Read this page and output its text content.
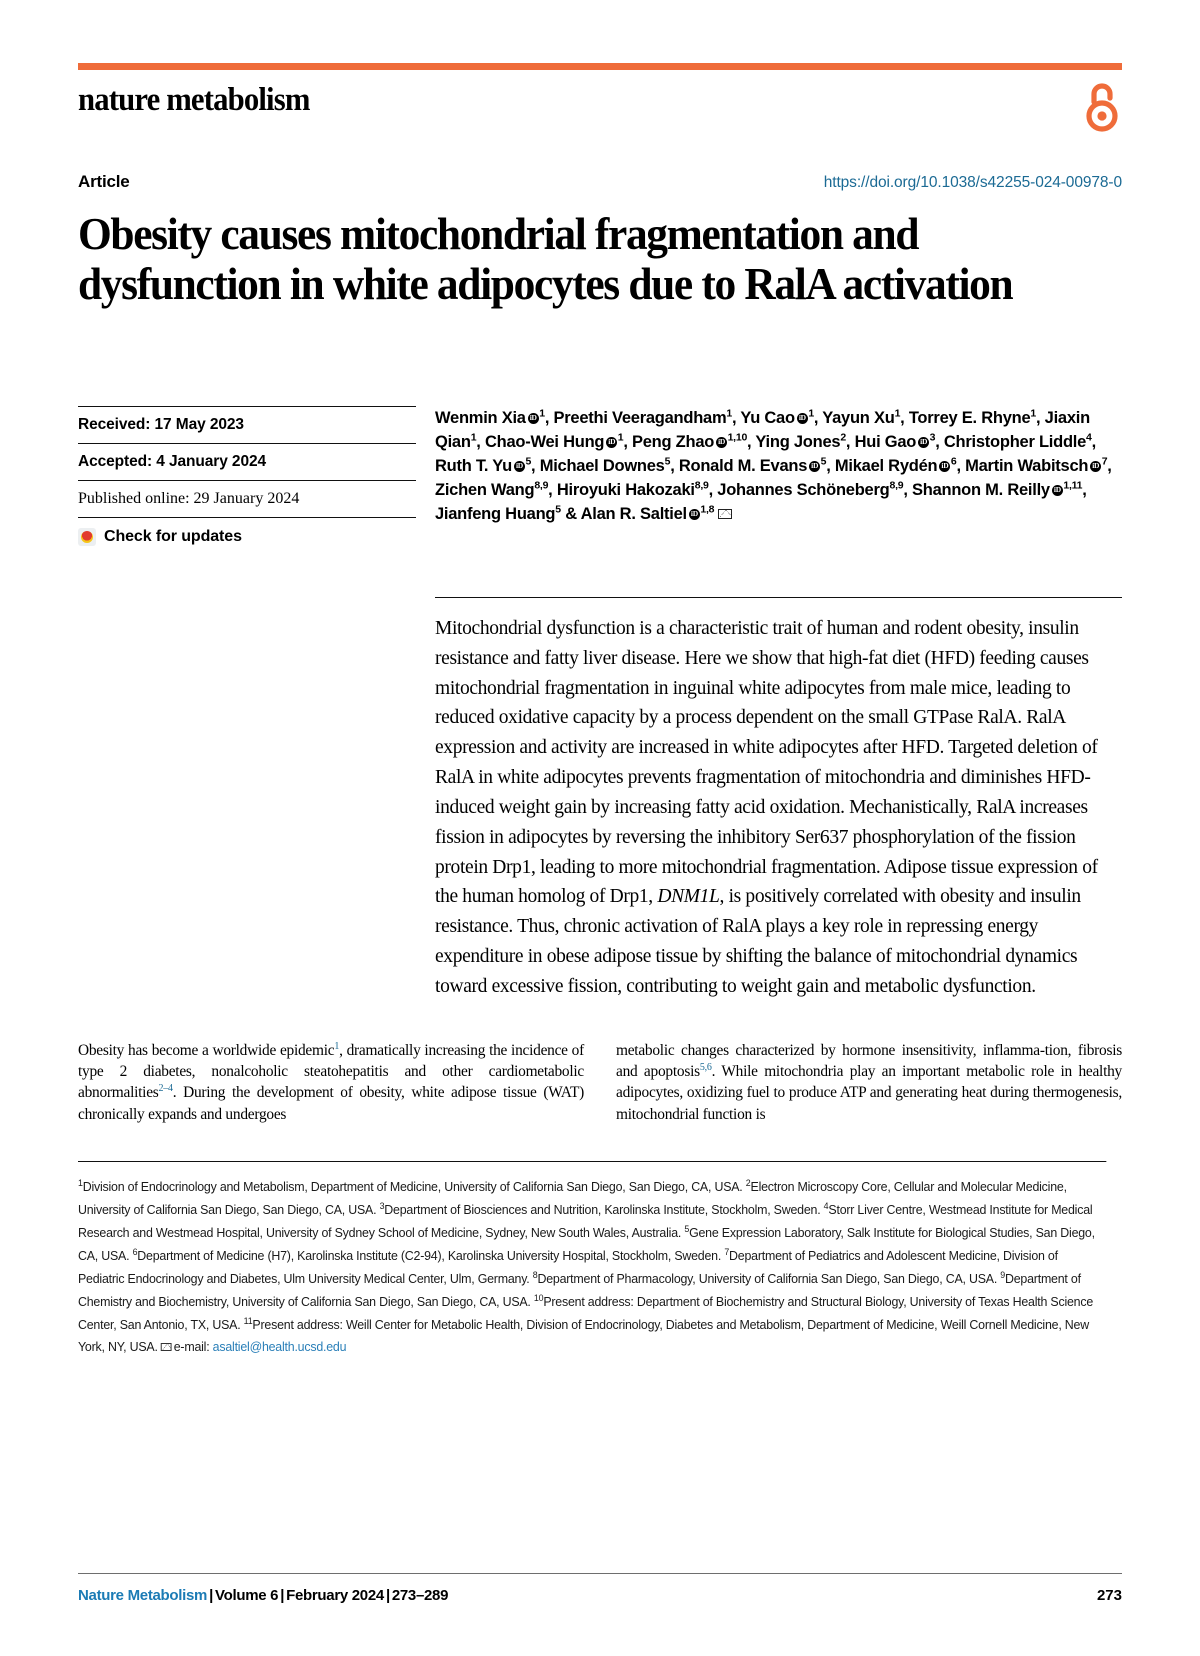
nature metabolism
Article	https://doi.org/10.1038/s42255-024-00978-0
Obesity causes mitochondrial fragmentation and dysfunction in white adipocytes due to RalA activation
Received: 17 May 2023
Accepted: 4 January 2024
Published online: 29 January 2024
Check for updates
Wenmin Xia iD $^1$, Preethi Veeragandham$^1$, Yu Cao iD $^1$, Yayun Xu$^1$, Torrey E. Rhyne$^1$, Jiaxin Qian$^1$, Chao-Wei Hung iD $^1$, Peng Zhao iD $^{1,10}$, Ying Jones$^2$, Hui Gao iD $^3$, Christopher Liddle$^4$, Ruth T. Yu iD $^5$, Michael Downes$^5$, Ronald M. Evans iD $^5$, Mikael Rydén iD $^6$, Martin Wabitsch iD $^7$, Zichen Wang$^{8,9}$, Hiroyuki Hakozaki$^{8,9}$, Johannes Schöneberg$^{8,9}$, Shannon M. Reilly iD $^{1,11}$, Jianfeng Huang$^5$ & Alan R. Saltiel iD $^{1,8}$
Mitochondrial dysfunction is a characteristic trait of human and rodent obesity, insulin resistance and fatty liver disease. Here we show that high-fat diet (HFD) feeding causes mitochondrial fragmentation in inguinal white adipocytes from male mice, leading to reduced oxidative capacity by a process dependent on the small GTPase RalA. RalA expression and activity are increased in white adipocytes after HFD. Targeted deletion of RalA in white adipocytes prevents fragmentation of mitochondria and diminishes HFD-induced weight gain by increasing fatty acid oxidation. Mechanistically, RalA increases fission in adipocytes by reversing the inhibitory Ser637 phosphorylation of the fission protein Drp1, leading to more mitochondrial fragmentation. Adipose tissue expression of the human homolog of Drp1, DNM1L, is positively correlated with obesity and insulin resistance. Thus, chronic activation of RalA plays a key role in repressing energy expenditure in obese adipose tissue by shifting the balance of mitochondrial dynamics toward excessive fission, contributing to weight gain and metabolic dysfunction.
Obesity has become a worldwide epidemic$^1$, dramatically increasing the incidence of type 2 diabetes, nonalcoholic steatohepatitis and other cardiometabolic abnormalities$^{2-4}$. During the development of obesity, white adipose tissue (WAT) chronically expands and undergoes
metabolic changes characterized by hormone insensitivity, inflamma-tion, fibrosis and apoptosis$^{5,6}$. While mitochondria play an important metabolic role in healthy adipocytes, oxidizing fuel to produce ATP and generating heat during thermogenesis, mitochondrial function is
$^1$Division of Endocrinology and Metabolism, Department of Medicine, University of California San Diego, San Diego, CA, USA. $^2$Electron Microscopy Core, Cellular and Molecular Medicine, University of California San Diego, San Diego, CA, USA. $^3$Department of Biosciences and Nutrition, Karolinska Institute, Stockholm, Sweden. $^4$Storr Liver Centre, Westmead Institute for Medical Research and Westmead Hospital, University of Sydney School of Medicine, Sydney, New South Wales, Australia. $^5$Gene Expression Laboratory, Salk Institute for Biological Studies, San Diego, CA, USA. $^6$Department of Medicine (H7), Karolinska Institute (C2-94), Karolinska University Hospital, Stockholm, Sweden. $^7$Department of Pediatrics and Adolescent Medicine, Division of Pediatric Endocrinology and Diabetes, Ulm University Medical Center, Ulm, Germany. $^8$Department of Pharmacology, University of California San Diego, San Diego, CA, USA. $^9$Department of Chemistry and Biochemistry, University of California San Diego, San Diego, CA, USA. $^{10}$Present address: Department of Biochemistry and Structural Biology, University of Texas Health Science Center, San Antonio, TX, USA. $^{11}$Present address: Weill Center for Metabolic Health, Division of Endocrinology, Diabetes and Metabolism, Department of Medicine, Weill Cornell Medicine, New York, NY, USA. e-mail: asaltiel@health.ucsd.edu
Nature Metabolism | Volume 6 | February 2024 | 273–289	273
